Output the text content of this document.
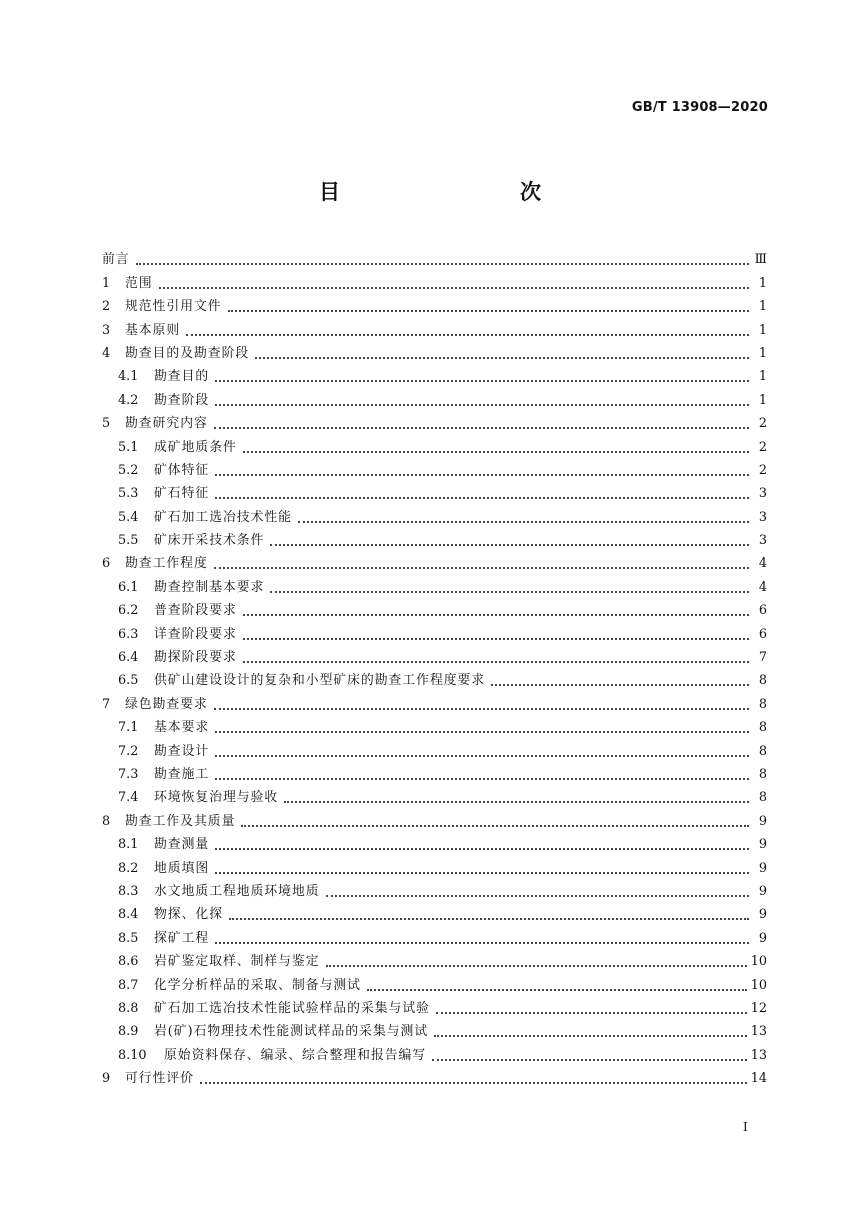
GB/T 13908—2020
目　　次
前言	Ⅲ
1	范围	1
2	规范性引用文件	1
3	基本原则	1
4	勘查目的及勘查阶段	1
4.1	勘查目的	1
4.2	勘查阶段	1
5	勘查研究内容	2
5.1	成矿地质条件	2
5.2	矿体特征	2
5.3	矿石特征	3
5.4	矿石加工选冶技术性能	3
5.5	矿床开采技术条件	3
6	勘查工作程度	4
6.1	勘查控制基本要求	4
6.2	普查阶段要求	6
6.3	详查阶段要求	6
6.4	勘探阶段要求	7
6.5	供矿山建设设计的复杂和小型矿床的勘查工作程度要求	8
7	绿色勘查要求	8
7.1	基本要求	8
7.2	勘查设计	8
7.3	勘查施工	8
7.4	环境恢复治理与验收	8
8	勘查工作及其质量	9
8.1	勘查测量	9
8.2	地质填图	9
8.3	水文地质工程地质环境地质	9
8.4	物探、化探	9
8.5	探矿工程	9
8.6	岩矿鉴定取样、制样与鉴定	10
8.7	化学分析样品的采取、制备与测试	10
8.8	矿石加工选冶技术性能试验样品的采集与试验	12
8.9	岩(矿)石物理技术性能测试样品的采集与测试	13
8.10	原始资料保存、编录、综合整理和报告编写	13
9	可行性评价	14
I
